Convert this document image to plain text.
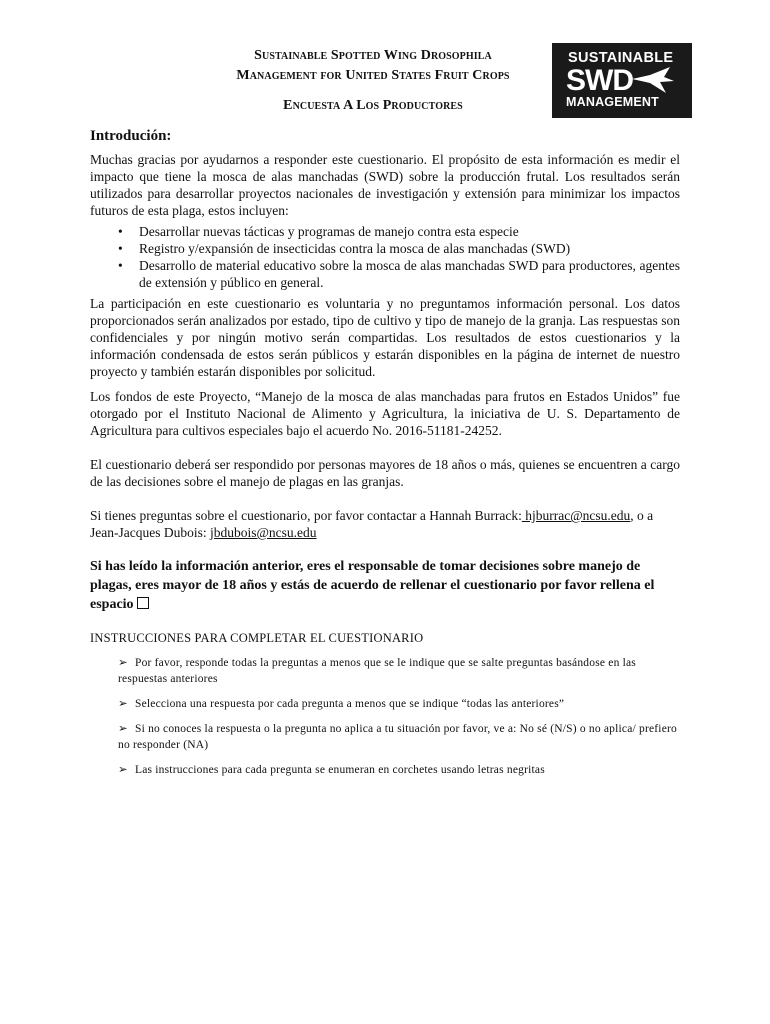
Sustainable Spotted Wing Drosophila
Management for United States Fruit Crops
Encuesta A Los Productores
SUSTAINABLE
SWD
MANAGEMENT
Introdución:

Muchas gracias por ayudarnos a responder este cuestionario. El propósito de esta información es medir el impacto que tiene la mosca de alas manchadas (SWD) sobre la producción frutal. Los resultados serán utilizados para desarrollar proyectos nacionales de investigación y extensión para minimizar los impactos futuros de esta plaga, estos incluyen:

• Desarrollar nuevas tácticas y programas de manejo contra esta especie
• Registro y/expansión de insecticidas contra la mosca de alas manchadas (SWD)
• Desarrollo de material educativo sobre la mosca de alas manchadas SWD para productores, agentes de extensión y público en general.

La participación en este cuestionario es voluntaria y no preguntamos información personal. Los datos proporcionados serán analizados por estado, tipo de cultivo y tipo de manejo de la granja. Las respuestas son confidenciales y por ningún motivo serán compartidas. Los resultados de estos cuestionarios y la información condensada de estos serán públicos y estarán disponibles en la página de internet de nuestro proyecto y también estarán disponibles por solicitud.

Los fondos de este Proyecto, “Manejo de la mosca de alas manchadas para frutos en Estados Unidos” fue otorgado por el Instituto Nacional de Alimento y Agricultura, la iniciativa de U. S. Departamento de Agricultura para cultivos especiales bajo el acuerdo No. 2016-51181-24252.

El cuestionario deberá ser respondido por personas mayores de 18 años o más, quienes se encuentren a cargo de las decisiones sobre el manejo de plagas en las granjas.

Si tienes preguntas sobre el cuestionario, por favor contactar a Hannah Burrack: hjburrac@ncsu.edu, o a Jean-Jacques Dubois: jbdubois@ncsu.edu

Si has leído la información anterior, eres el responsable de tomar decisiones sobre manejo de plagas, eres mayor de 18 años y estás de acuerdo de rellenar el cuestionario por favor rellena el espacio

INSTRUCCIONES PARA COMPLETAR EL CUESTIONARIO
➢ Por favor, responde todas la preguntas a menos que se le indique que se salte preguntas basándose en las respuestas anteriores
➢ Selecciona una respuesta por cada pregunta a menos que se indique “todas las anteriores”
➢ Si no conoces la respuesta o la pregunta no aplica a tu situación por favor, ve a: No sé (N/S) o no aplica/ prefiero no responder (NA)
➢ Las instrucciones para cada pregunta se enumeran en corchetes usando letras negritas
